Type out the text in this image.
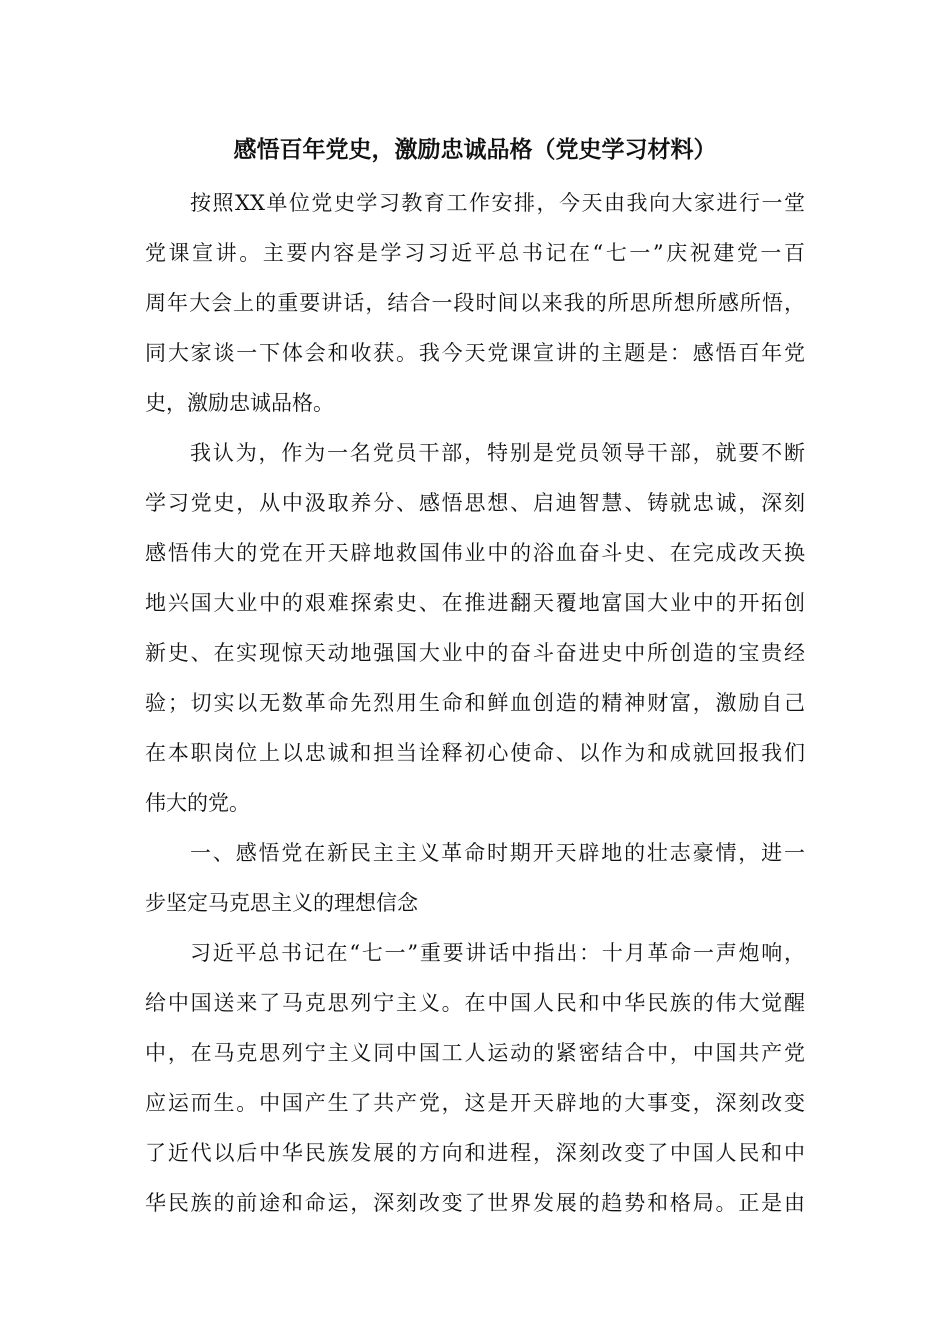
感悟百年党史，激励忠诚品格（党史学习材料）
按照XX单位党史学习教育工作安排，今天由我向大家进行一堂
党课宣讲。主要内容是学习习近平总书记在“七一”庆祝建党一百
周年大会上的重要讲话，结合一段时间以来我的所思所想所感所悟，
同大家谈一下体会和收获。我今天党课宣讲的主题是：感悟百年党
史，激励忠诚品格。
我认为，作为一名党员干部，特别是党员领导干部，就要不断
学习党史，从中汲取养分、感悟思想、启迪智慧、铸就忠诚，深刻
感悟伟大的党在开天辟地救国伟业中的浴血奋斗史、在完成改天换
地兴国大业中的艰难探索史、在推进翻天覆地富国大业中的开拓创
新史、在实现惊天动地强国大业中的奋斗奋进史中所创造的宝贵经
验；切实以无数革命先烈用生命和鲜血创造的精神财富，激励自己
在本职岗位上以忠诚和担当诠释初心使命、以作为和成就回报我们
伟大的党。
一、感悟党在新民主主义革命时期开天辟地的壮志豪情，进一
步坚定马克思主义的理想信念
习近平总书记在“七一”重要讲话中指出：十月革命一声炮响，
给中国送来了马克思列宁主义。在中国人民和中华民族的伟大觉醒
中，在马克思列宁主义同中国工人运动的紧密结合中，中国共产党
应运而生。中国产生了共产党，这是开天辟地的大事变，深刻改变
了近代以后中华民族发展的方向和进程，深刻改变了中国人民和中
华民族的前途和命运，深刻改变了世界发展的趋势和格局。正是由
